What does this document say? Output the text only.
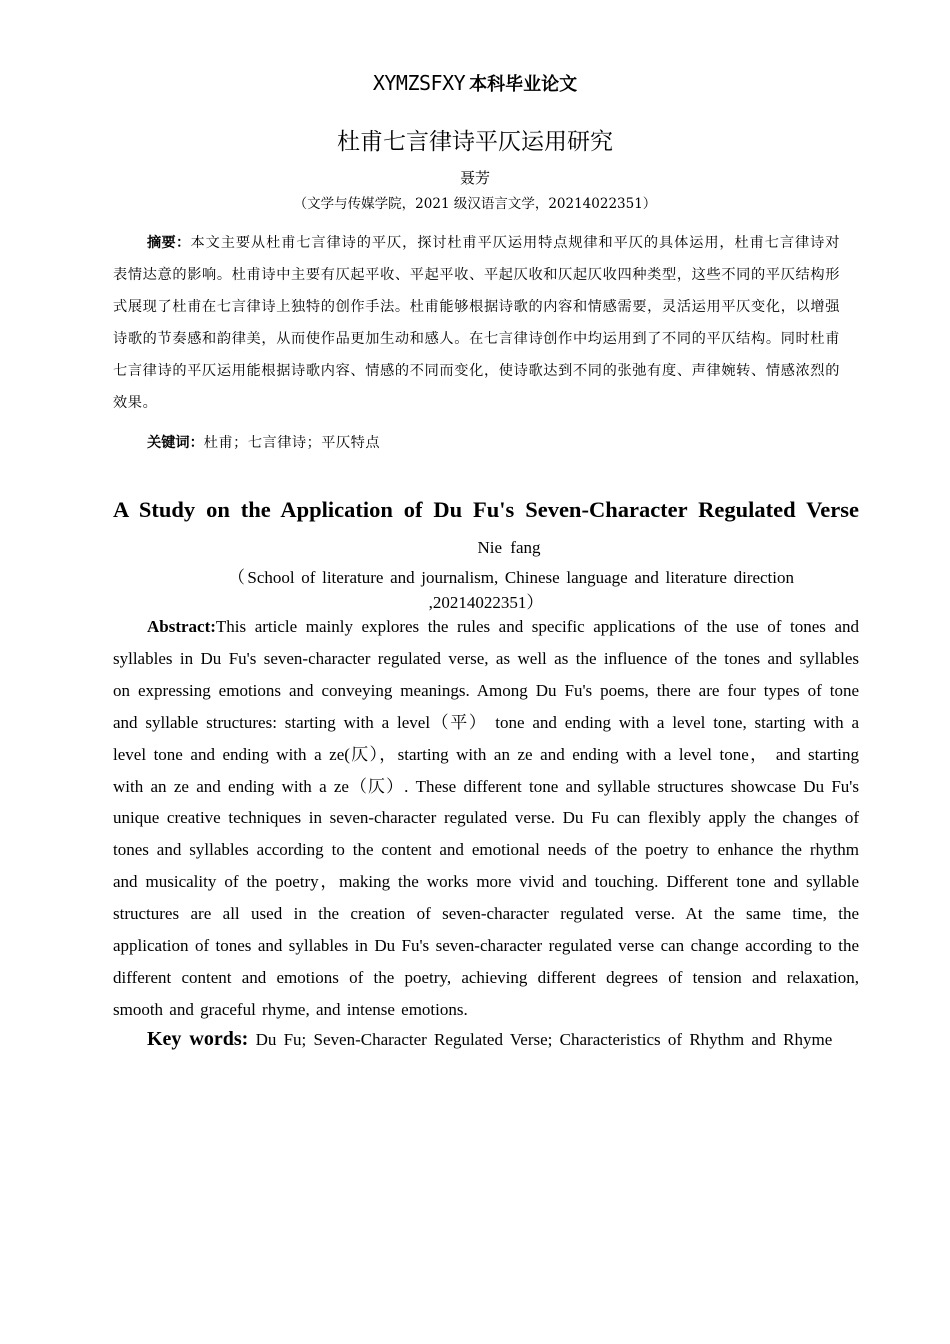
XYMZSFXY 本科毕业论文
杜甫七言律诗平仄运用研究
聂芳
（文学与传媒学院，2021 级汉语言文学，20214022351）
摘要：本文主要从杜甫七言律诗的平仄，探讨杜甫平仄运用特点规律和平仄的具体运用，杜甫七言律诗对表情达意的影响。杜甫诗中主要有仄起平收、平起平收、平起仄收和仄起仄收四种类型，这些不同的平仄结构形式展现了杜甫在七言律诗上独特的创作手法。杜甫能够根据诗歌的内容和情感需要，灵活运用平仄变化，以增强诗歌的节奏感和韵律美，从而使作品更加生动和感人。在七言律诗创作中均运用到了不同的平仄结构。同时杜甫七言律诗的平仄运用能根据诗歌内容、情感的不同而变化，使诗歌达到不同的张弛有度、声律婉转、情感浓烈的效果。
关键词：杜甫；七言律诗；平仄特点
A Study on the Application of Du Fu's Seven-Character Regulated Verse
Nie fang
（School of literature and journalism, Chinese language and literature direction
,20214022351）
Abstract:This article mainly explores the rules and specific applications of the use of tones and syllables in Du Fu's seven-character regulated verse, as well as the influence of the tones and syllables on expressing emotions and conveying meanings. Among Du Fu's poems, there are four types of tone and syllable structures: starting with a level（平） tone and ending with a level tone, starting with a level tone and ending with a ze(仄），starting with an ze and ending with a level tone， and starting with an ze and ending with a ze（仄）. These different tone and syllable structures showcase Du Fu's unique creative techniques in seven-character regulated verse. Du Fu can flexibly apply the changes of tones and syllables according to the content and emotional needs of the poetry to enhance the rhythm and musicality of the poetry，making the works more vivid and touching. Different tone and syllable structures are all used in the creation of seven-character regulated verse. At the same time, the application of tones and syllables in Du Fu's seven-character regulated verse can change according to the different content and emotions of the poetry, achieving different degrees of tension and relaxation, smooth and graceful rhyme, and intense emotions.
Key words: Du Fu; Seven-Character Regulated Verse; Characteristics of Rhythm and Rhyme
